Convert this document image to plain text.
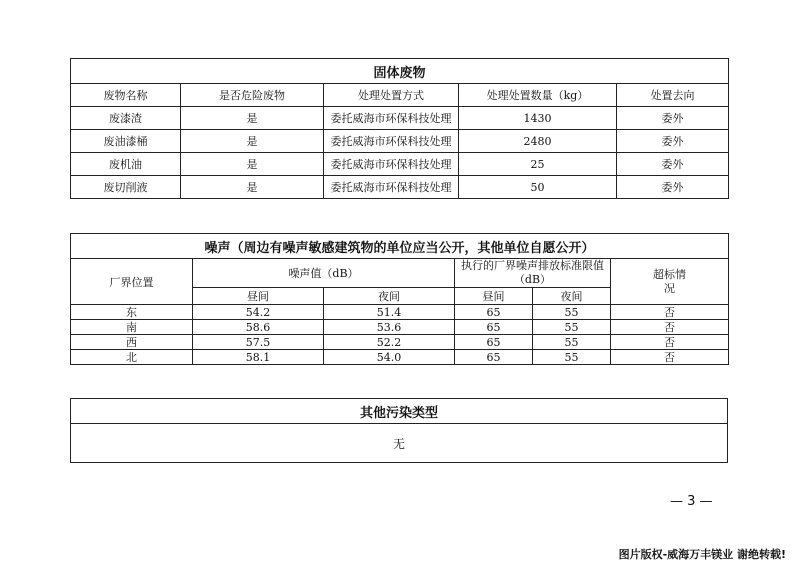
固体废物				
废物名称	是否危险废物	处理处置方式	处理处置数量（kg）	处置去向
废漆渣	是	委托威海市环保科技处理	1430	委外
废油漆桶	是	委托威海市环保科技处理	2480	委外
废机油	是	委托威海市环保科技处理	25	委外
废切削液	是	委托威海市环保科技处理	50	委外
噪声（周边有噪声敏感建筑物的单位应当公开，其他单位自愿公开）					
厂界位置	噪声值（dB）		执行的厂界噪声排放标准限值（dB）		超标情况
	昼间	夜间	昼间	夜间	
东	54.2	51.4	65	55	否
南	58.6	53.6	65	55	否
西	57.5	52.2	65	55	否
北	58.1	54.0	65	55	否
其他污染类型
无
— 3 —
图片版权-威海万丰镁业 谢绝转载!
